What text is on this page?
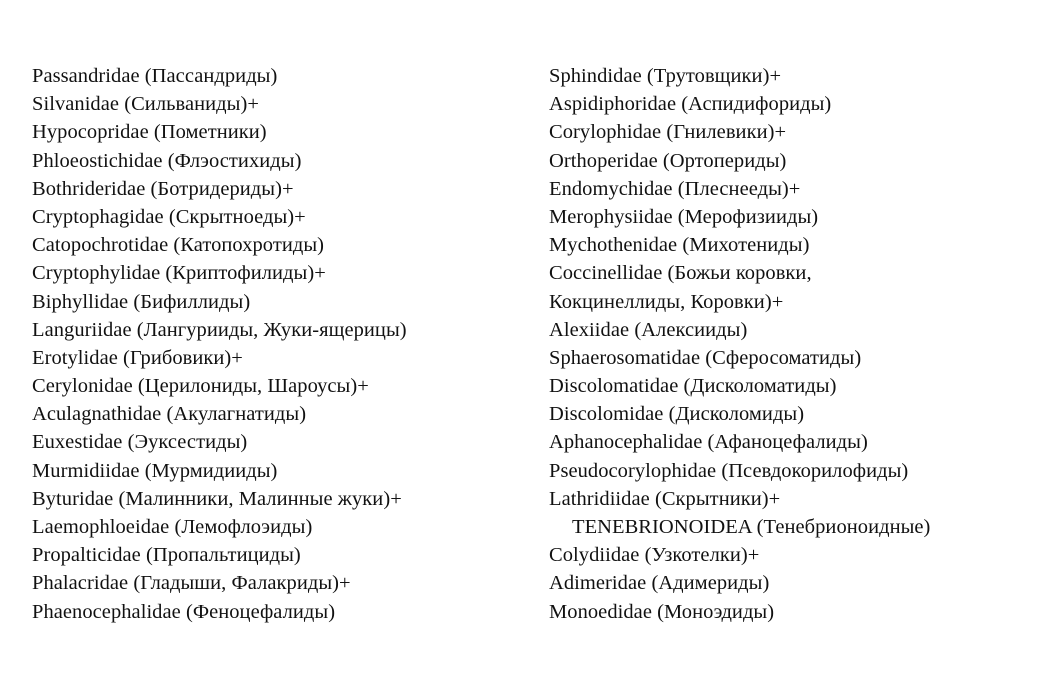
Passandridae (Пассандриды)
Silvanidae (Сильваниды)+
Hypocopridae (Пометники)
Phloeostichidae (Флэостихиды)
Bothrideridae (Ботридериды)+
Cryptophagidae (Скрытноеды)+
Catopochrotidae (Катопохротиды)
Cryptophylidae (Криптофилиды)+
Biphyllidae (Бифиллиды)
Languriidae (Лангурииды, Жуки-ящерицы)
Erotylidae (Грибовики)+
Cerylonidae (Церилониды, Шароусы)+
Aculagnathidae (Акулагнатиды)
Euxestidae (Эуксестиды)
Murmidiidae (Мурмидииды)
Byturidae (Малинники, Малинные жуки)+
Laemophloeidae (Лемофлоэиды)
Propalticidae (Пропальтициды)
Phalacridae (Гладыши, Фалакриды)+
Phaenocephalidae (Феноцефалиды)
Sphindidae (Трутовщики)+
Aspidiphoridae (Аспидифориды)
Corylophidae (Гнилевики)+
Orthoperidae (Ортопериды)
Endomychidae (Плеснееды)+
Merophysiidae (Мерофизииды)
Mychothenidae (Михотениды)
Coccinellidae (Божьи коровки,
Кокцинеллиды, Коровки)+
Alexiidae (Алексииды)
Sphaerosomatidae (Сферосоматиды)
Discolomatidae (Дисколоматиды)
Discolomidae (Дисколомиды)
Aphanocephalidae (Афаноцефалиды)
Pseudocorylophidae (Псевдокорилофиды)
Lathridiidae (Скрытники)+
TENEBRIONOIDEA (Тенебрионоидные)
Colydiidae (Узкотелки)+
Adimeridae (Адимериды)
Monoedidae (Моноэдиды)
